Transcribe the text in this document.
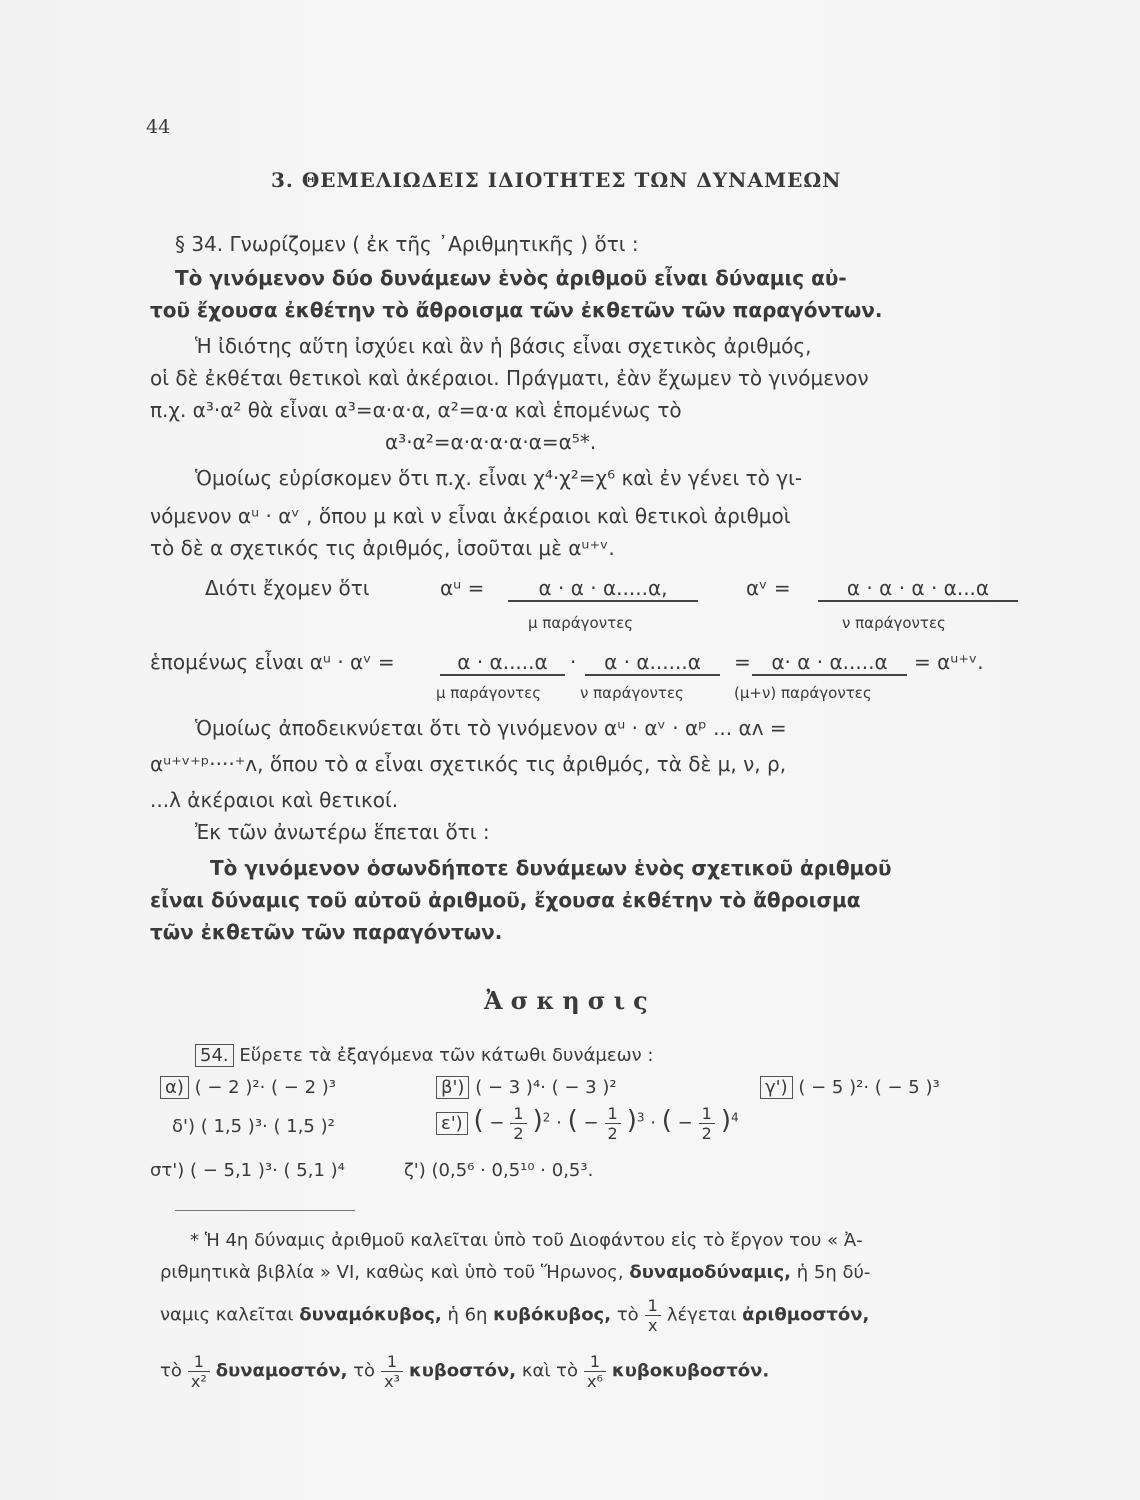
44
3. ΘΕΜΕΛΙΩΔΕΙΣ ΙΔΙΟΤΗΤΕΣ ΤΩΝ ΔΥΝΑΜΕΩΝ
§ 34. Γνωρίζομεν ( ἐκ τῆς ᾽Αριθμητικῆς ) ὅτι :
Τὸ γινόμενον δύο δυνάμεων ἑνὸς ἀριθμοῦ εἶναι δύναμις αὐ-
τοῦ ἔχουσα ἐκθέτην τὸ ἄθροισμα τῶν ἐκθετῶν τῶν παραγόντων.
Ἡ ἰδιότης αὕτη ἰσχύει καὶ ἂν ἡ βάσις εἶναι σχετικὸς ἀριθμός,
οἱ δὲ ἐκθέται θετικοὶ καὶ ἀκέραιοι. Πράγματι, ἐὰν ἔχωμεν τὸ γινόμενον
π.χ. α³·α² θὰ εἶναι α³=α·α·α, α²=α·α καὶ ἑπομένως τὸ
α³·α²=α·α·α·α·α=α⁵*.
Ὁμοίως εὑρίσκομεν ὅτι π.χ. εἶναι χ⁴·χ²=χ⁶ καὶ ἐν γένει τὸ γι-
νόμενον αᵘ · αᵛ , ὅπου μ καὶ ν εἶναι ἀκέραιοι καὶ θετικοὶ ἀριθμοὶ
τὸ δὲ α σχετικός τις ἀριθμός, ἰσοῦται μὲ αᵘ⁺ᵛ.
Διότι ἔχομεν ὅτι	αᵘ =	α · α · α.....α,	αᵛ =	α · α · α · α...α
μ παράγοντες	ν παράγοντες
ἑπομένως εἶναι αᵘ · αᵛ =	α · α.....α	·	α · α......α	=	α· α · α.....α	= αᵘ⁺ᵛ.
μ παράγοντες	ν παράγοντες	(μ+ν) παράγοντες
Ὁμοίως ἀποδεικνύεται ὅτι τὸ γινόμενον αᵘ · αᵛ · αᵖ ... αᴧ =
αᵘ⁺ᵛ⁺ᵖ····⁺ᴧ, ὅπου τὸ α εἶναι σχετικός τις ἀριθμός, τὰ δὲ μ, ν, ρ,
...λ ἀκέραιοι καὶ θετικοί.
Ἐκ τῶν ἀνωτέρω ἕπεται ὅτι :
Τὸ γινόμενον ὁσωνδήποτε δυνάμεων ἑνὸς σχετικοῦ ἀριθμοῦ
εἶναι δύναμις τοῦ αὐτοῦ ἀριθμοῦ, ἔχουσα ἐκθέτην τὸ ἄθροισμα
τῶν ἐκθετῶν τῶν παραγόντων.
Ἀσκησις
54. Εὕρετε τὰ ἐξαγόμενα τῶν κάτωθι δυνάμεων :
α) ( − 2 )²· ( − 2 )³	β') ( − 3 )⁴· ( − 3 )²	γ') ( − 5 )²· ( − 5 )³
δ') ( 1,5 )³· ( 1,5 )²	ε') ( − $\frac{1}{2} )^2$ · ( − $\frac{1}{2} )^3$ · ( − $\frac{1}{2} )^4$
στ') ( − 5,1 )³· ( 5,1 )⁴	ζ') (0,5⁶ · 0,5¹⁰ · 0,5³.
* Ἡ 4η δύναμις ἀριθμοῦ καλεῖται ὑπὸ τοῦ Διοφάντου εἰς τὸ ἔργον του « Ἀ-
ριθμητικὰ βιβλία » VI, καθὼς καὶ ὑπὸ τοῦ Ἥρωνος, δυναμοδύναμις, ἡ 5η δύ-
ναμις καλεῖται δυναμόκυβος, ἡ 6η κυβόκυβος, τὸ $\frac{1}{x}$ λέγεται ἀριθμοστόν,
τὸ $\frac{1}{\text{x²}} \delta\upsilon\nu\alpha\mu o\sigma\tau ό\nu$, τὸ $\frac{1}{\text{x³}} \kappa\upsilon\beta o\sigma\tau ό\nu$, καὶ τὸ $\frac{1}{\text{x⁶}} \kappa\upsilon\beta o\kappa\upsilon\beta o\sigma\tau ό\nu$.
